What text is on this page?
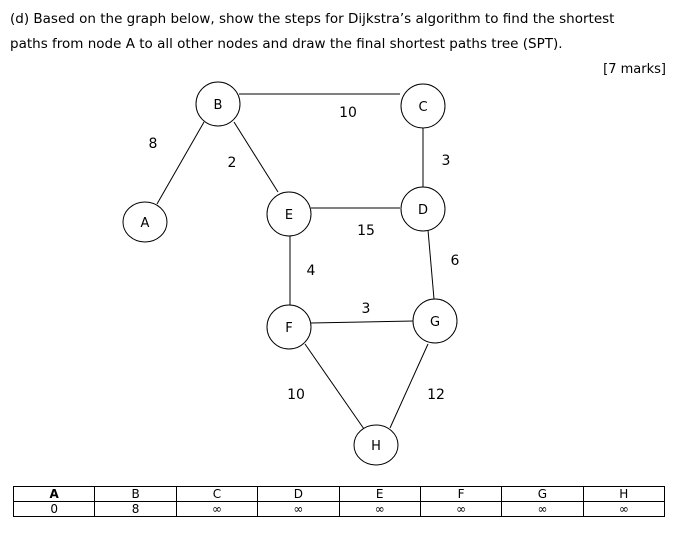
(d) Based on the graph below, show the steps for Dijkstra’s algorithm to find the shortest
paths from node A to all other nodes and draw the final shortest paths tree (SPT).
[7 marks]
A
B	C
D
E
F	G
H
8
10
2	3
15
4
6
3
10	12
A	B	C	D	E	F	G	H
0	8	∞	∞	∞	∞	∞	∞
